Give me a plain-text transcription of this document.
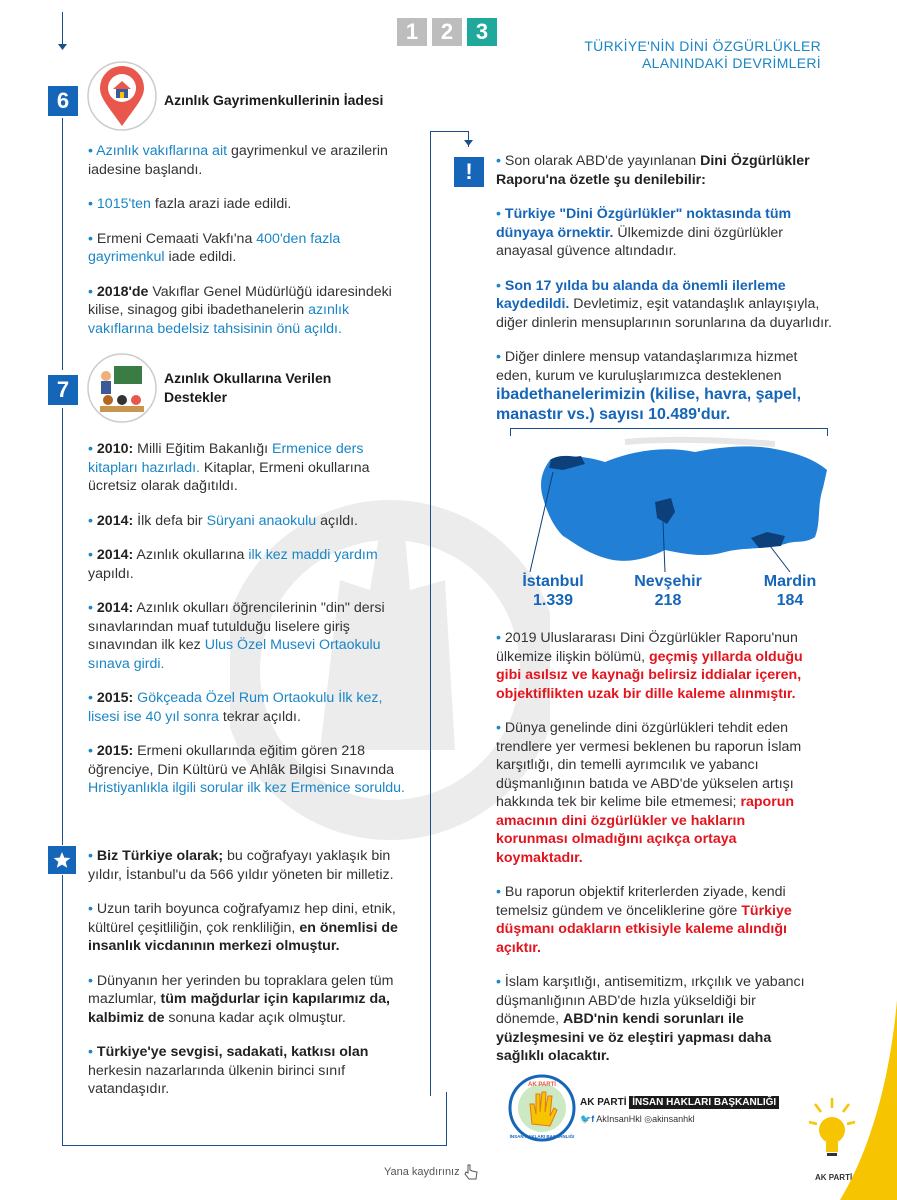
1	2	3
TÜRKİYE'NİN DİNİ ÖZGÜRLÜKLER
ALANINDAKİ DEVRİMLERİ
6	Azınlık Gayrimenkullerinin İadesi

• Azınlık vakıflarına ait gayrimenkul ve arazilerin iadesine başlandı.

• 1015'ten fazla arazi iade edildi.

• Ermeni Cemaati Vakfı'na 400'den fazla gayrimenkul iade edildi.

• 2018'de Vakıflar Genel Müdürlüğü idaresindeki kilise, sinagog gibi ibadethanelerin azınlık vakıflarına bedelsiz tahsisinin önü açıldı.

7	Azınlık Okullarına Verilen
Destekler

• 2010: Milli Eğitim Bakanlığı Ermenice ders kitapları hazırladı. Kitaplar, Ermeni okullarına ücretsiz olarak dağıtıldı.

• 2014: İlk defa bir Süryani anaokulu açıldı.

• 2014: Azınlık okullarına ilk kez maddi yardım yapıldı.

• 2014: Azınlık okulları öğrencilerinin "din" dersi sınavlarından muaf tutulduğu liselere giriş sınavından ilk kez Ulus Özel Musevi Ortaokulu sınava girdi.

• 2015: Gökçeada Özel Rum Ortaokulu İlk kez, lisesi ise 40 yıl sonra tekrar açıldı.

• 2015: Ermeni okullarında eğitim gören 218 öğrenciye, Din Kültürü ve Ahlâk Bilgisi Sınavında Hristiyanlıkla ilgili sorular ilk kez Ermenice soruldu.

• Biz Türkiye olarak; bu coğrafyayı yaklaşık bin yıldır, İstanbul'u da 566 yıldır yöneten bir milletiz.

• Uzun tarih boyunca coğrafyamız hep dini, etnik, kültürel çeşitliliğin, çok renkliliğin, en önemlisi de insanlık vicdanının merkezi olmuştur.

• Dünyanın her yerinden bu topraklara gelen tüm mazlumlar, tüm mağdurlar için kapılarımız da, kalbimiz de sonuna kadar açık olmuştur.

• Türkiye'ye sevgisi, sadakati, katkısı olan herkesin nazarlarında ülkenin birinci sınıf vatandaşıdır.

!	• Son olarak ABD'de yayınlanan Dini Özgürlükler Raporu'na özetle şu denilebilir:

• Türkiye "Dini Özgürlükler" noktasında tüm dünyaya örnektir. Ülkemizde dini özgürlükler anayasal güvence altındadır.

• Son 17 yılda bu alanda da önemli ilerleme kaydedildi. Devletimiz, eşit vatandaşlık anlayışıyla, diğer dinlerin mensuplarının sorunlarına da duyarlıdır.

• Diğer dinlere mensup vatandaşlarımıza hizmet eden, kurum ve kuruluşlarımızca desteklenen ibadethanelerimizin (kilise, havra, şapel, manastır vs.) sayısı 10.489'dur.

İstanbul
1.339
Nevşehir
218
Mardin
184

• 2019 Uluslararası Dini Özgürlükler Raporu'nun ülkemize ilişkin bölümü, geçmiş yıllarda olduğu gibi asılsız ve kaynağı belirsiz iddialar içeren, objektiflikten uzak bir dille kaleme alınmıştır.

• Dünya genelinde dini özgürlükleri tehdit eden trendlere yer vermesi beklenen bu raporun İslam karşıtlığı, din temelli ayrımcılık ve yabancı düşmanlığının batıda ve ABD'de yükselen artışı hakkında tek bir kelime bile etmemesi; raporun amacının dini özgürlükler ve hakların korunması olmadığını açıkça ortaya koymaktadır.

• Bu raporun objektif kriterlerden ziyade, kendi temelsiz gündem ve önceliklerine göre Türkiye düşmanı odakların etkisiyle kaleme alındığı açıktır.

• İslam karşıtlığı, antisemitizm, ırkçılık ve yabancı düşmanlığının ABD'de hızla yükseldiği bir dönemde, ABD'nin kendi sorunları ile yüzleşmesini ve öz eleştiri yapması daha sağlıklı olacaktır.

Yana kaydırınız
AK PARTİ
İNSAN HAKLARI BAŞKANLIĞI
AK PARTİ İNSAN HAKLARI BAŞKANLIĞI
🐦f AkInsanHkl ◎akinsanhkl
AK PARTİ
